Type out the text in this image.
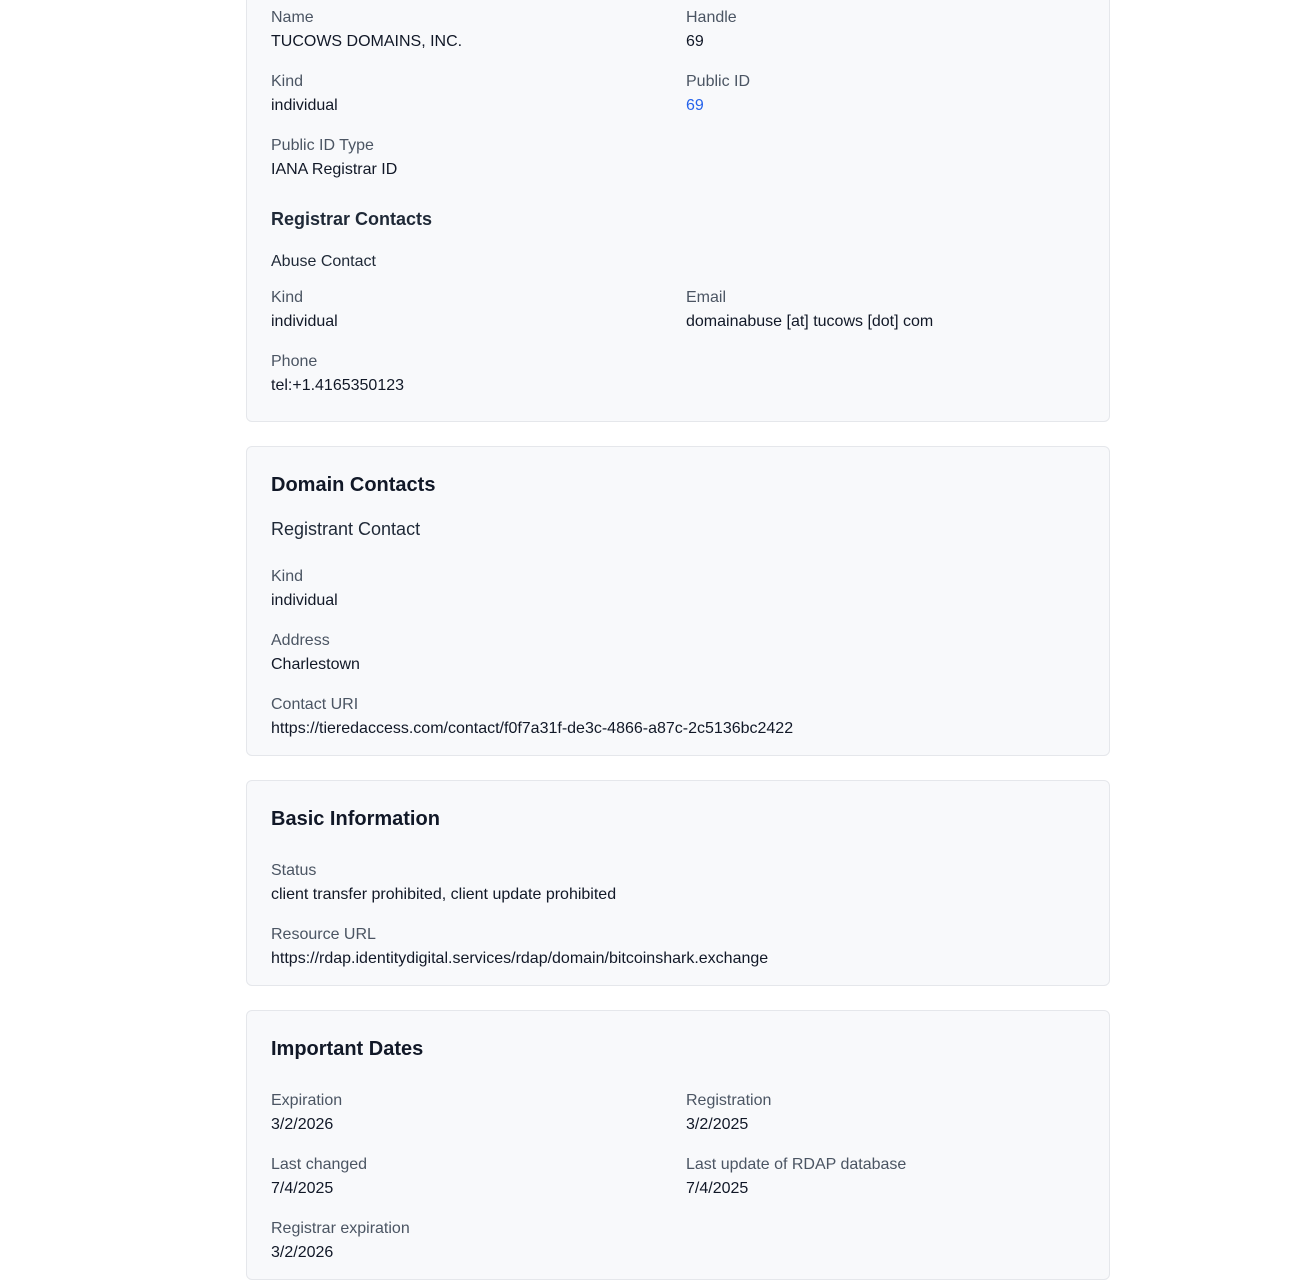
Name
TUCOWS DOMAINS, INC.
Handle
69
Kind
individual
Public ID
69
Public ID Type
IANA Registrar ID
Registrar Contacts
Abuse Contact
Kind
individual
Email
domainabuse [at] tucows [dot] com
Phone
tel:+1.4165350123
Domain Contacts
Registrant Contact
Kind
individual
Address
Charlestown
Contact URI
https://tieredaccess.com/contact/f0f7a31f-de3c-4866-a87c-2c5136bc2422
Basic Information
Status
client transfer prohibited, client update prohibited
Resource URL
https://rdap.identitydigital.services/rdap/domain/bitcoinshark.exchange
Important Dates
Expiration
3/2/2026
Registration
3/2/2025
Last changed
7/4/2025
Last update of RDAP database
7/4/2025
Registrar expiration
3/2/2026
